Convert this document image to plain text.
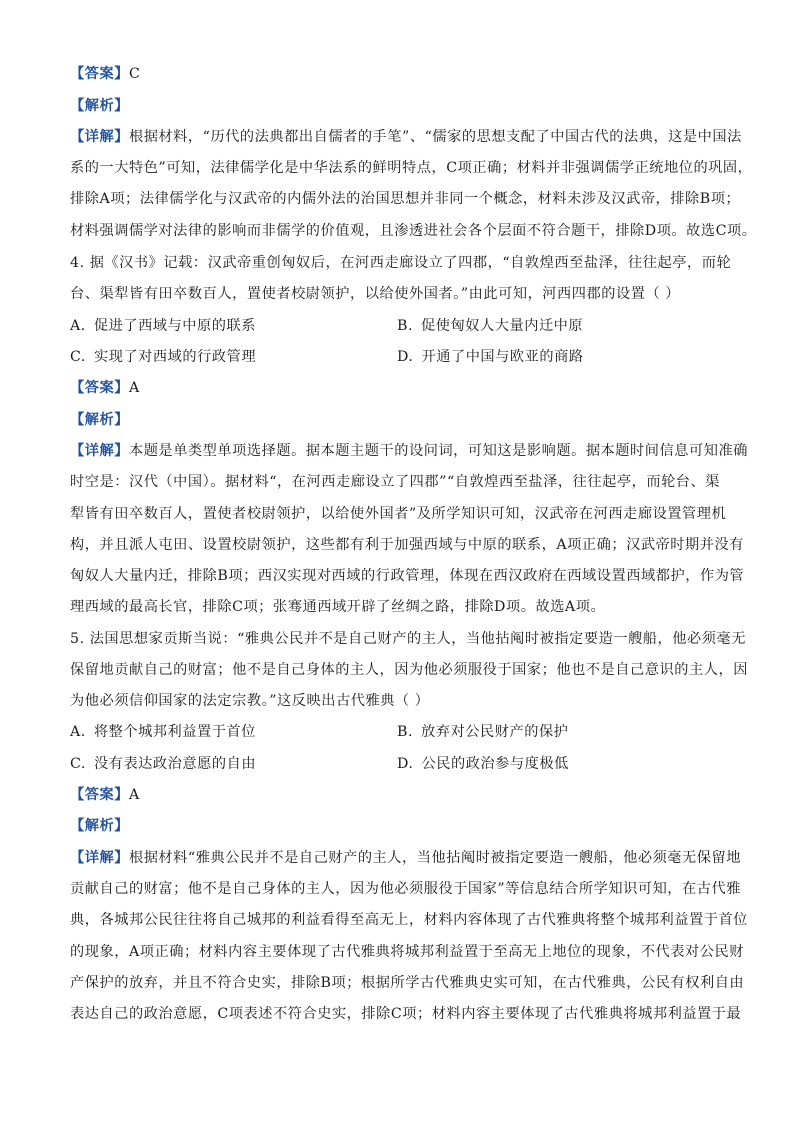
【答案】C
【解析】
【详解】根据材料，“历代的法典都出自儒者的手笔”、“儒家的思想支配了中国古代的法典，这是中国法
系的一大特色”可知，法律儒学化是中华法系的鲜明特点，C项正确；材料并非强调儒学正统地位的巩固，
排除A项；法律儒学化与汉武帝的内儒外法的治国思想并非同一个概念，材料未涉及汉武帝，排除B项；
材料强调儒学对法律的影响而非儒学的价值观，且渗透进社会各个层面不符合题干，排除D项。故选C项。
4. 据《汉书》记载：汉武帝重创匈奴后，在河西走廊设立了四郡，“自敦煌西至盐泽，往往起亭，而轮
台、渠犁皆有田卒数百人，置使者校尉领护，以给使外国者。”由此可知，河西四郡的设置（ ）
A. 促进了西域与中原的联系	B. 促使匈奴人大量内迁中原
C. 实现了对西域的行政管理	D. 开通了中国与欧亚的商路
【答案】A
【解析】
【详解】本题是单类型单项选择题。据本题主题干的设问词，可知这是影响题。据本题时间信息可知准确
时空是：汉代（中国）。据材料“，在河西走廊设立了四郡”“自敦煌西至盐泽，往往起亭，而轮台、渠
犁皆有田卒数百人，置使者校尉领护，以给使外国者”及所学知识可知，汉武帝在河西走廊设置管理机
构，并且派人屯田、设置校尉领护，这些都有利于加强西域与中原的联系，A项正确；汉武帝时期并没有
匈奴人大量内迁，排除B项；西汉实现对西域的行政管理，体现在西汉政府在西域设置西域都护，作为管
理西域的最高长官，排除C项；张骞通西域开辟了丝绸之路，排除D项。故选A项。
5. 法国思想家贡斯当说：“雅典公民并不是自己财产的主人，当他拈阄时被指定要造一艘船，他必须毫无
保留地贡献自己的财富；他不是自己身体的主人，因为他必须服役于国家；他也不是自己意识的主人，因
为他必须信仰国家的法定宗教。”这反映出古代雅典（ ）
A. 将整个城邦利益置于首位	B. 放弃对公民财产的保护
C. 没有表达政治意愿的自由	D. 公民的政治参与度极低
【答案】A
【解析】
【详解】根据材料“雅典公民并不是自己财产的主人，当他拈阄时被指定要造一艘船，他必须毫无保留地
贡献自己的财富；他不是自己身体的主人，因为他必须服役于国家”等信息结合所学知识可知，在古代雅
典，各城邦公民往往将自己城邦的利益看得至高无上，材料内容体现了古代雅典将整个城邦利益置于首位
的现象，A项正确；材料内容主要体现了古代雅典将城邦利益置于至高无上地位的现象，不代表对公民财
产保护的放弃，并且不符合史实，排除B项；根据所学古代雅典史实可知，在古代雅典，公民有权利自由
表达自己的政治意愿，C项表述不符合史实，排除C项；材料内容主要体现了古代雅典将城邦利益置于最
